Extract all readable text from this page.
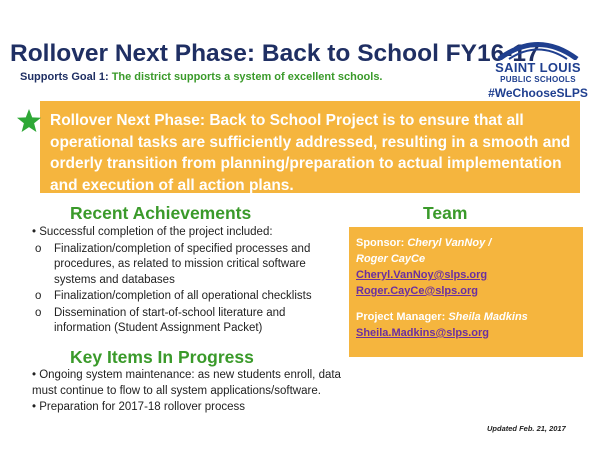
Rollover Next Phase: Back to School FY16-17
Supports Goal 1: The district supports a system of excellent schools.
SAINT LOUIS
PUBLIC SCHOOLS
#WeChooseSLPS
Rollover Next Phase: Back to School Project is to ensure that all operational tasks are sufficiently addressed, resulting in a smooth and orderly transition from planning/preparation to actual implementation and execution of all action plans.
Recent Achievements
• Successful completion of the project included:
o Finalization/completion of specified processes and procedures, as related to mission critical software systems and databases
o Finalization/completion of all operational checklists
o Dissemination of start-of-school literature and information (Student Assignment Packet)
Key Items In Progress

• Ongoing system maintenance: as new students enroll, data must continue to flow to all system applications/software.

• Preparation for 2017-18 rollover process

Team
Sponsor: Cheryl VanNoy /
Roger CayCe
Cheryl.VanNoy@slps.org
Roger.CayCe@slps.org
Project Manager: Sheila Madkins
Sheila.Madkins@slps.org
Updated Feb. 21, 2017
